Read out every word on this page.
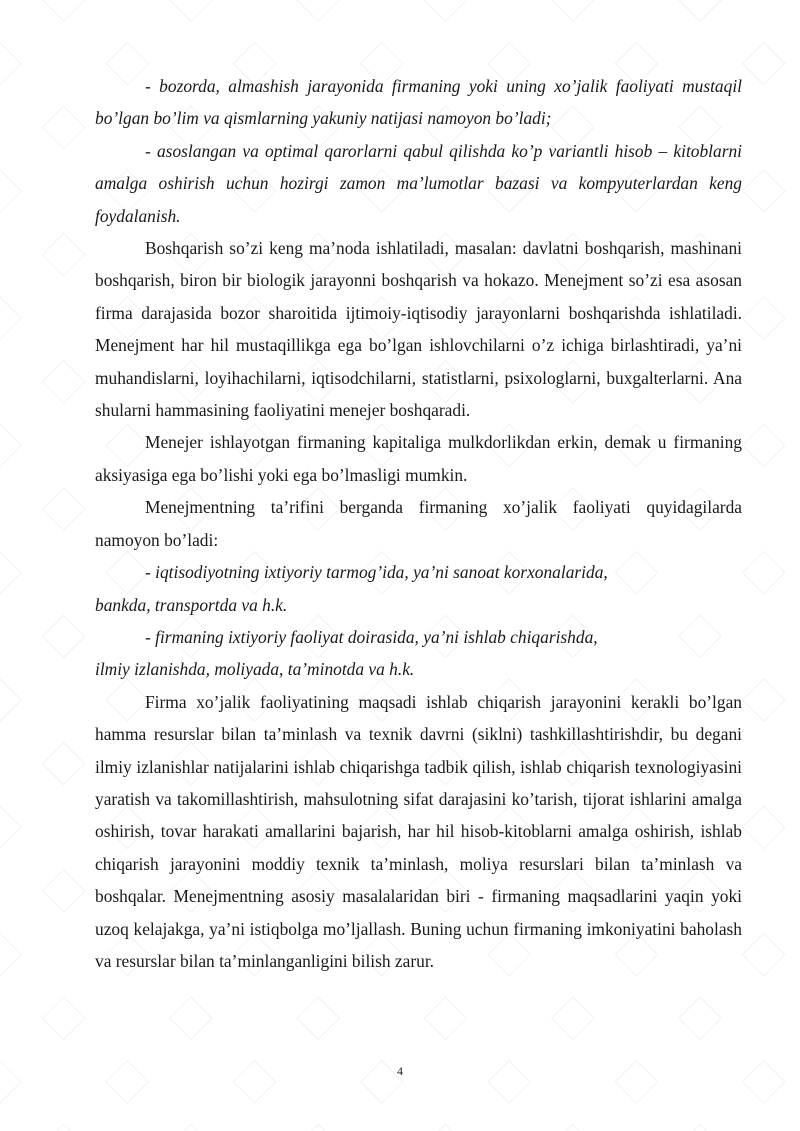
- bozorda, almashish jarayonida firmaning yoki uning xo’jalik faoliyati mustaqil bo’lgan bo’lim va qismlarning yakuniy natijasi namoyon bo’ladi;

- asoslangan va optimal qarorlarni qabul qilishda ko’p variantli hisob – kitoblarni amalga oshirish uchun hozirgi zamon ma’lumotlar bazasi va kompyuterlardan keng foydalanish.

Boshqarish so’zi keng ma’noda ishlatiladi, masalan: davlatni boshqarish, mashinani boshqarish, biron bir biologik jarayonni boshqarish va hokazo. Menejment so’zi esa asosan firma darajasida bozor sharoitida ijtimoiy-iqtisodiy jarayonlarni boshqarishda ishlatiladi. Menejment har hil mustaqillikga ega bo’lgan ishlovchilarni o’z ichiga birlashtiradi, ya’ni muhandislarni, loyihachilarni, iqtisodchilarni, statistlarni, psixologlarni, buxgalterlarni. Ana shularni hammasining faoliyatini menejer boshqaradi.

Menejer ishlayotgan firmaning kapitaliga mulkdorlikdan erkin, demak u firmaning aksiyasiga ega bo’lishi yoki ega bo’lmasligi mumkin.

Menejmentning ta’rifini berganda firmaning xo’jalik faoliyati quyidagilarda namoyon bo’ladi:

- iqtisodiyotning ixtiyoriy tarmog’ida, ya’ni sanoat korxonalarida,
bankda, transportda va h.k.

- firmaning ixtiyoriy faoliyat doirasida, ya’ni ishlab chiqarishda,
ilmiy izlanishda, moliyada, ta’minotda va h.k.

Firma xo’jalik faoliyatining maqsadi ishlab chiqarish jarayonini kerakli bo’lgan hamma resurslar bilan ta’minlash va texnik davrni (siklni) tashkillashtirishdir, bu degani ilmiy izlanishlar natijalarini ishlab chiqarishga tadbik qilish, ishlab chiqarish texnologiyasini yaratish va takomillashtirish, mahsulotning sifat darajasini ko’tarish, tijorat ishlarini amalga oshirish, tovar harakati amallarini bajarish, har hil hisob-kitoblarni amalga oshirish, ishlab chiqarish jarayonini moddiy texnik ta’minlash, moliya resurslari bilan ta’minlash va boshqalar. Menejmentning asosiy masalalaridan biri - firmaning maqsadlarini yaqin yoki uzoq kelajakga, ya’ni istiqbolga mo’ljallash. Buning uchun firmaning imkoniyatini baholash va resurslar bilan ta’minlanganligini bilish zarur.

4
